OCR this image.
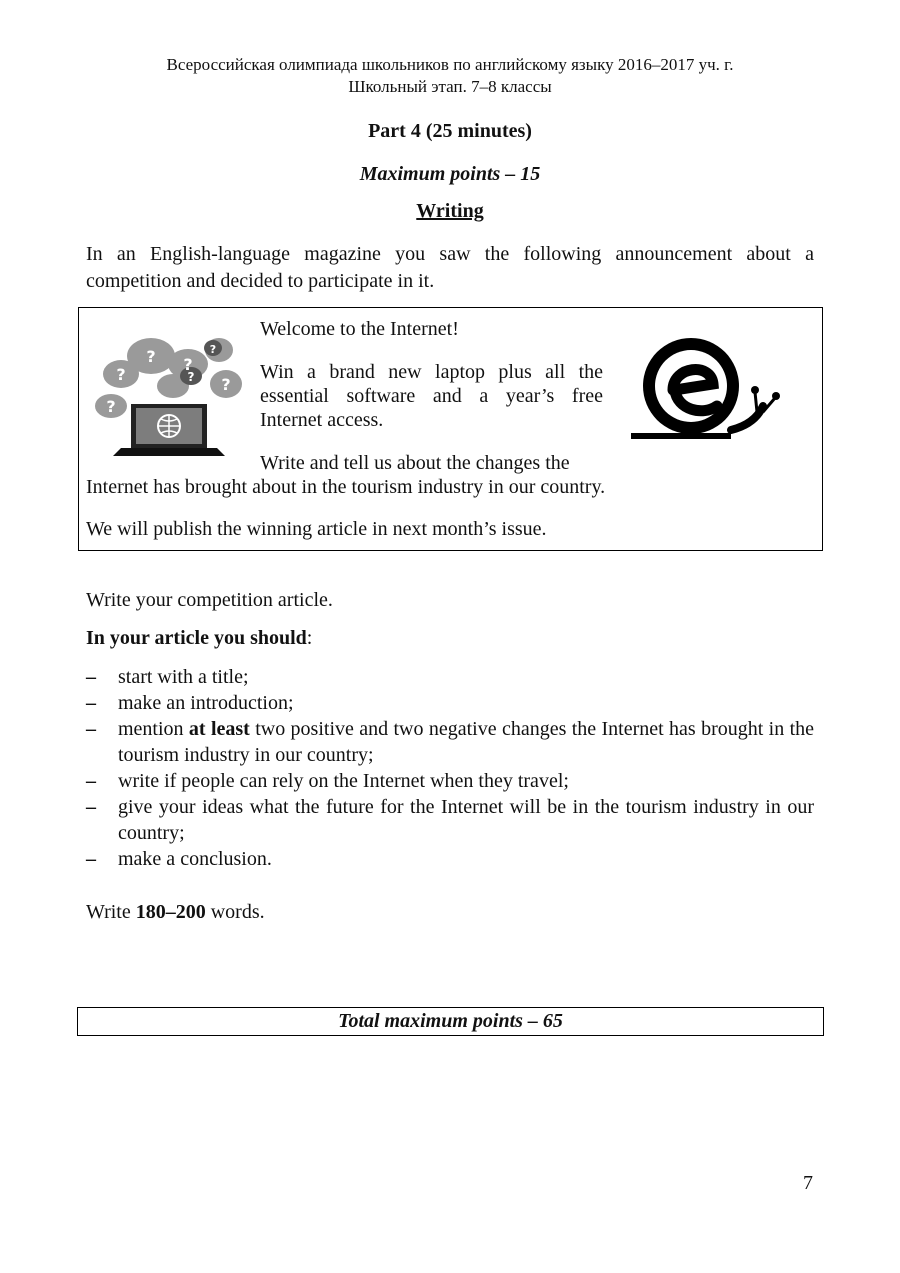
Всероссийская олимпиада школьников по английскому языку 2016–2017 уч. г.
Школьный этап. 7–8 классы
Part 4 (25 minutes)
Maximum points – 15
Writing
In an English-language magazine you saw the following announcement about a competition and decided to participate in it.
?
?
?
?
?
?
?
Welcome to the Internet!
Win a brand new laptop plus all the essential software and a year’s free Internet access.
Write and tell us about the changes the
Internet has brought about in the tourism industry in our country.
We will publish the winning article in next month’s issue.
Write your competition article.
In your article you should:
– start with a title;
– make an introduction;
– mention at least two positive and two negative changes the Internet has brought in the tourism industry in our country;
– write if people can rely on the Internet when they travel;
– give your ideas what the future for the Internet will be in the tourism industry in our country;
– make a conclusion.
Write 180–200 words.
Total maximum points – 65
7
